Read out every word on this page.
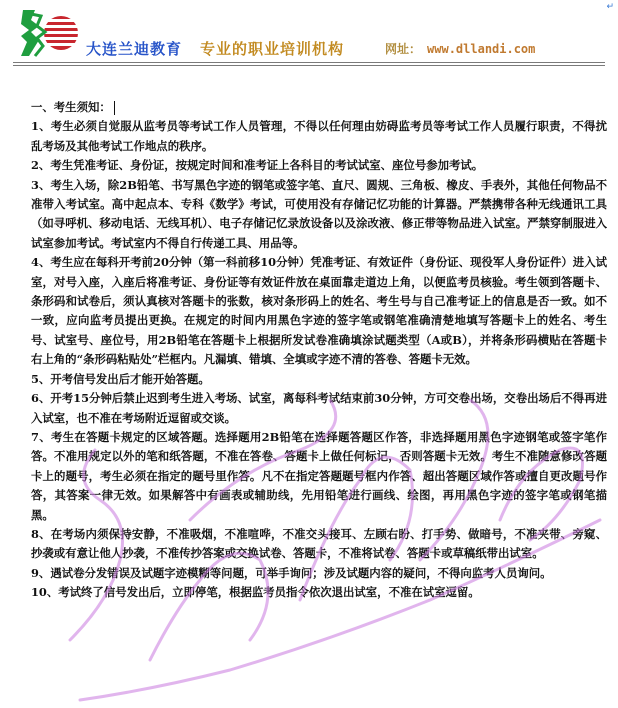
↵
大连兰迪教育 专业的职业培训机构	网址： www.dllandi.com
一、考生须知：

1、考生必须自觉服从监考员等考试工作人员管理，不得以任何理由妨碍监考员等考试工作人员履行职责，不得扰乱考场及其他考试工作地点的秩序。

2、考生凭准考证、身份证，按规定时间和准考证上各科目的考试试室、座位号参加考试。

3、考生入场，除2B铅笔、书写黑色字迹的钢笔或签字笔、直尺、圆规、三角板、橡皮、手表外，其他任何物品不准带入考试室。高中起点本、专科《数学》考试，可使用没有存储记忆功能的计算器。严禁携带各种无线通讯工具（如寻呼机、移动电话、无线耳机）、电子存储记忆录放设备以及涂改液、修正带等物品进入试室。严禁穿制服进入试室参加考试。考试室内不得自行传递工具、用品等。

4、考生应在每科开考前20分钟（第一科前移10分钟）凭准考证、有效证件（身份证、现役军人身份证件）进入试室，对号入座，入座后将准考证、身份证等有效证件放在桌面靠走道边上角，以便监考员核验。考生领到答题卡、条形码和试卷后，须认真核对答题卡的张数，核对条形码上的姓名、考生号与自己准考证上的信息是否一致。如不一致，应向监考员提出更换。在规定的时间内用黑色字迹的签字笔或钢笔准确清楚地填写答题卡上的姓名、考生号、试室号、座位号，用2B铅笔在答题卡上根据所发试卷准确填涂试题类型（A或B），并将条形码横贴在答题卡右上角的“条形码粘贴处”栏框内。凡漏填、错填、全填或字迹不清的答卷、答题卡无效。

5、开考信号发出后才能开始答题。

6、开考15分钟后禁止迟到考生进入考场、试室，离每科考试结束前30分钟，方可交卷出场，交卷出场后不得再进入试室，也不准在考场附近逗留或交谈。

7、考生在答题卡规定的区域答题。选择题用2B铅笔在选择题答题区作答，非选择题用黑色字迹钢笔或签字笔作答。不准用规定以外的笔和纸答题，不准在答卷、答题卡上做任何标记，否则答题卡无效。考生不准随意修改答题卡上的题号，考生必须在指定的题号里作答。凡不在指定答题题号框内作答、超出答题区域作答或擅自更改题号作答，其答案一律无效。如果解答中有画表或辅助线，先用铅笔进行画线、绘图，再用黑色字迹的签字笔或钢笔描黑。

8、在考场内须保持安静，不准吸烟，不准喧哗，不准交头接耳、左顾右盼、打手势、做暗号，不准夹带、旁窥、抄袭或有意让他人抄袭，不准传抄答案或交换试卷、答题卡，不准将试卷、答题卡或草稿纸带出试室。

9、遇试卷分发错误及试题字迹模糊等问题，可举手询问；涉及试题内容的疑问，不得向监考人员询问。

10、考试终了信号发出后，立即停笔，根据监考员指令依次退出试室，不准在试室逗留。
